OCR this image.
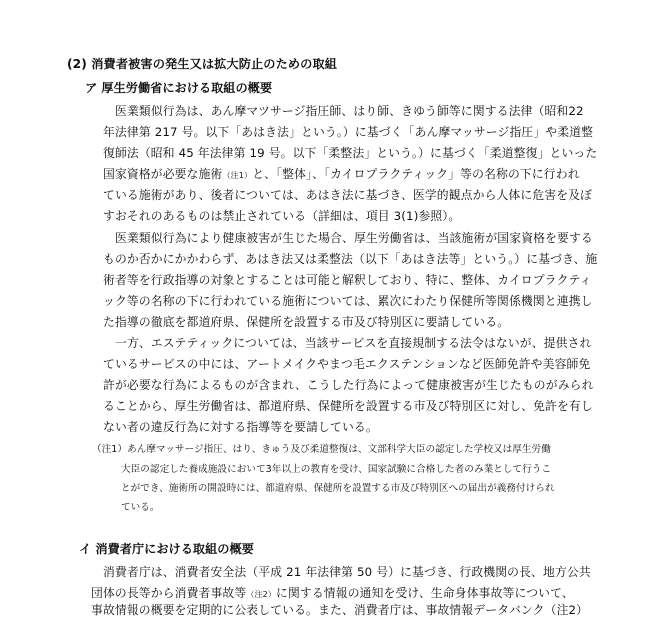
(2) 消費者被害の発生又は拡大防止のための取組

ア 厚生労働省における取組の概要

医業類似行為は、あん摩マツサージ指圧師、はり師、きゆう師等に関する法律（昭和22

年法律第 217 号。以下「あはき法」という。）に基づく「あん摩マッサージ指圧」や柔道整

復師法（昭和 45 年法律第 19 号。以下「柔整法」という。）に基づく「柔道整復」といった

国家資格が必要な施術（注1）と、「整体」、「カイロプラクティック」等の名称の下に行われ

ている施術があり、後者については、あはき法に基づき、医学的観点から人体に危害を及ぼ

すおそれのあるものは禁止されている（詳細は、項目 3(1)参照）。

医業類似行為により健康被害が生じた場合、厚生労働省は、当該施術が国家資格を要する

ものか否かにかかわらず、あはき法又は柔整法（以下「あはき法等」という。）に基づき、施

術者等を行政指導の対象とすることは可能と解釈しており、特に、整体、カイロプラクティ

ック等の名称の下に行われている施術については、累次にわたり保健所等関係機関と連携し

た指導の徹底を都道府県、保健所を設置する市及び特別区に要請している。

一方、エステティックについては、当該サービスを直接規制する法令はないが、提供され

ているサービスの中には、アートメイクやまつ毛エクステンションなど医師免許や美容師免

許が必要な行為によるものが含まれ、こうした行為によって健康被害が生じたものがみられ

ることから、厚生労働省は、都道府県、保健所を設置する市及び特別区に対し、免許を有し

ない者の違反行為に対する指導等を要請している。

（注1）あん摩マッサージ指圧、はり、きゅう及び柔道整復は、文部科学大臣の認定した学校又は厚生労働

大臣の認定した養成施設において3年以上の教育を受け、国家試験に合格した者のみ業として行うこ

とができ、施術所の開設時には、都道府県、保健所を設置する市及び特別区への届出が義務付けられ

ている。

イ 消費者庁における取組の概要

消費者庁は、消費者安全法（平成 21 年法律第 50 号）に基づき、行政機関の長、地方公共

団体の長等から消費者事故等（注2）に関する情報の通知を受け、生命身体事故等について、

事故情報の概要を定期的に公表している。また、消費者庁は、事故情報データバンク（注2）
